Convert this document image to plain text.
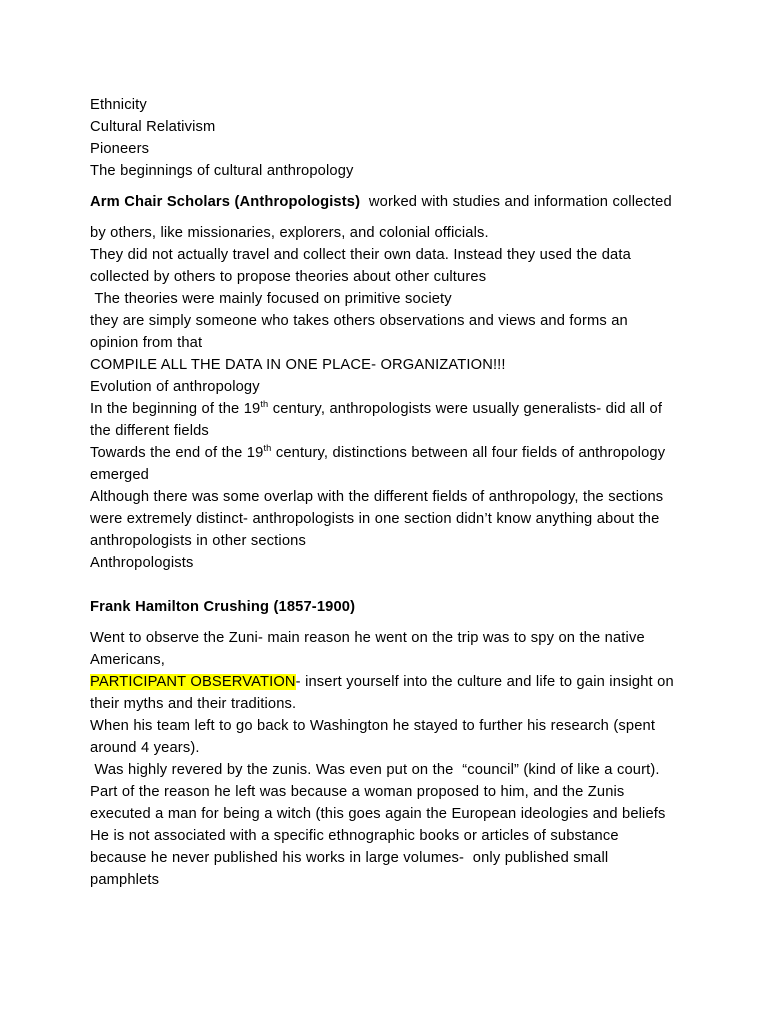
Ethnicity
Cultural Relativism
Pioneers
The beginnings of cultural anthropology
Arm Chair Scholars (Anthropologists)  worked with studies and information collected
by others, like missionaries, explorers, and colonial officials.
They did not actually travel and collect their own data. Instead they used the data
collected by others to propose theories about other cultures
The theories were mainly focused on primitive society
they are simply someone who takes others observations and views and forms an
opinion from that
COMPILE ALL THE DATA IN ONE PLACE- ORGANIZATION!!!
Evolution of anthropology
In the beginning of the 19th century, anthropologists were usually generalists- did all of
the different fields
Towards the end of the 19th century, distinctions between all four fields of anthropology
emerged
Although there was some overlap with the different fields of anthropology, the sections
were extremely distinct- anthropologists in one section didn’t know anything about the
anthropologists in other sections
Anthropologists
Frank Hamilton Crushing (1857-1900)
Went to observe the Zuni- main reason he went on the trip was to spy on the native
Americans,
PARTICIPANT OBSERVATION- insert yourself into the culture and life to gain insight on
their myths and their traditions.
When his team left to go back to Washington he stayed to further his research (spent
around 4 years).
Was highly revered by the zunis. Was even put on the  “council” (kind of like a court).
Part of the reason he left was because a woman proposed to him, and the Zunis
executed a man for being a witch (this goes again the European ideologies and beliefs
He is not associated with a specific ethnographic books or articles of substance
because he never published his works in large volumes-  only published small
pamphlets
